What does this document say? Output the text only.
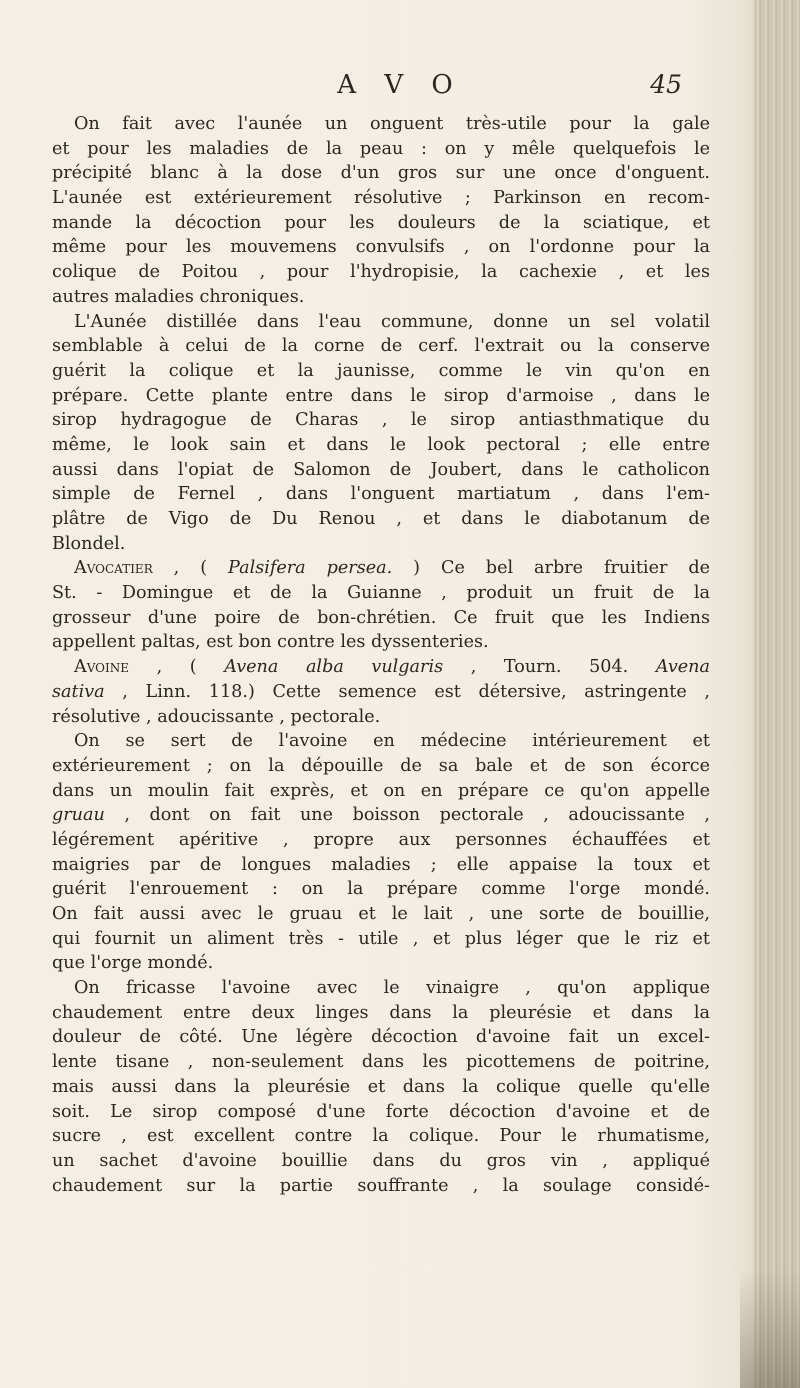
A V O	45
On fait avec l'aunée un onguent très-utile pour la gale
et pour les maladies de la peau : on y mêle quelquefois le
précipité blanc à la dose d'un gros sur une once d'onguent.
L'aunée est extérieurement résolutive ; Parkinson en recom-
mande la décoction pour les douleurs de la sciatique, et
même pour les mouvemens convulsifs , on l'ordonne pour la
colique de Poitou , pour l'hydropisie, la cachexie , et les
autres maladies chroniques.
L'Aunée distillée dans l'eau commune, donne un sel volatil
semblable à celui de la corne de cerf. l'extrait ou la conserve
guérit la colique et la jaunisse, comme le vin qu'on en
prépare. Cette plante entre dans le sirop d'armoise , dans le
sirop hydragogue de Charas , le sirop antiasthmatique du
même, le look sain et dans le look pectoral ; elle entre
aussi dans l'opiat de Salomon de Joubert, dans le catholicon
simple de Fernel , dans l'onguent martiatum , dans l'em-
plâtre de Vigo de Du Renou , et dans le diabotanum de
Blondel.
Avocatier , ( Palsifera persea. ) Ce bel arbre fruitier de
St. - Domingue et de la Guianne , produit un fruit de la
grosseur d'une poire de bon-chrétien. Ce fruit que les Indiens
appellent paltas, est bon contre les dyssenteries.
Avoine , ( Avena alba vulgaris , Tourn. 504. Avena
sativa , Linn. 118.) Cette semence est détersive, astringente ,
résolutive , adoucissante , pectorale.
On se sert de l'avoine en médecine intérieurement et
extérieurement ; on la dépouille de sa bale et de son écorce
dans un moulin fait exprès, et on en prépare ce qu'on appelle
gruau , dont on fait une boisson pectorale , adoucissante ,
légérement apéritive , propre aux personnes échauffées et
maigries par de longues maladies ; elle appaise la toux et
guérit l'enrouement : on la prépare comme l'orge mondé.
On fait aussi avec le gruau et le lait , une sorte de bouillie,
qui fournit un aliment très - utile , et plus léger que le riz et
que l'orge mondé.
On fricasse l'avoine avec le vinaigre , qu'on applique
chaudement entre deux linges dans la pleurésie et dans la
douleur de côté. Une légère décoction d'avoine fait un excel-
lente tisane , non-seulement dans les picottemens de poitrine,
mais aussi dans la pleurésie et dans la colique quelle qu'elle
soit. Le sirop composé d'une forte décoction d'avoine et de
sucre , est excellent contre la colique. Pour le rhumatisme,
un sachet d'avoine bouillie dans du gros vin , appliqué
chaudement sur la partie souffrante , la soulage considé-
